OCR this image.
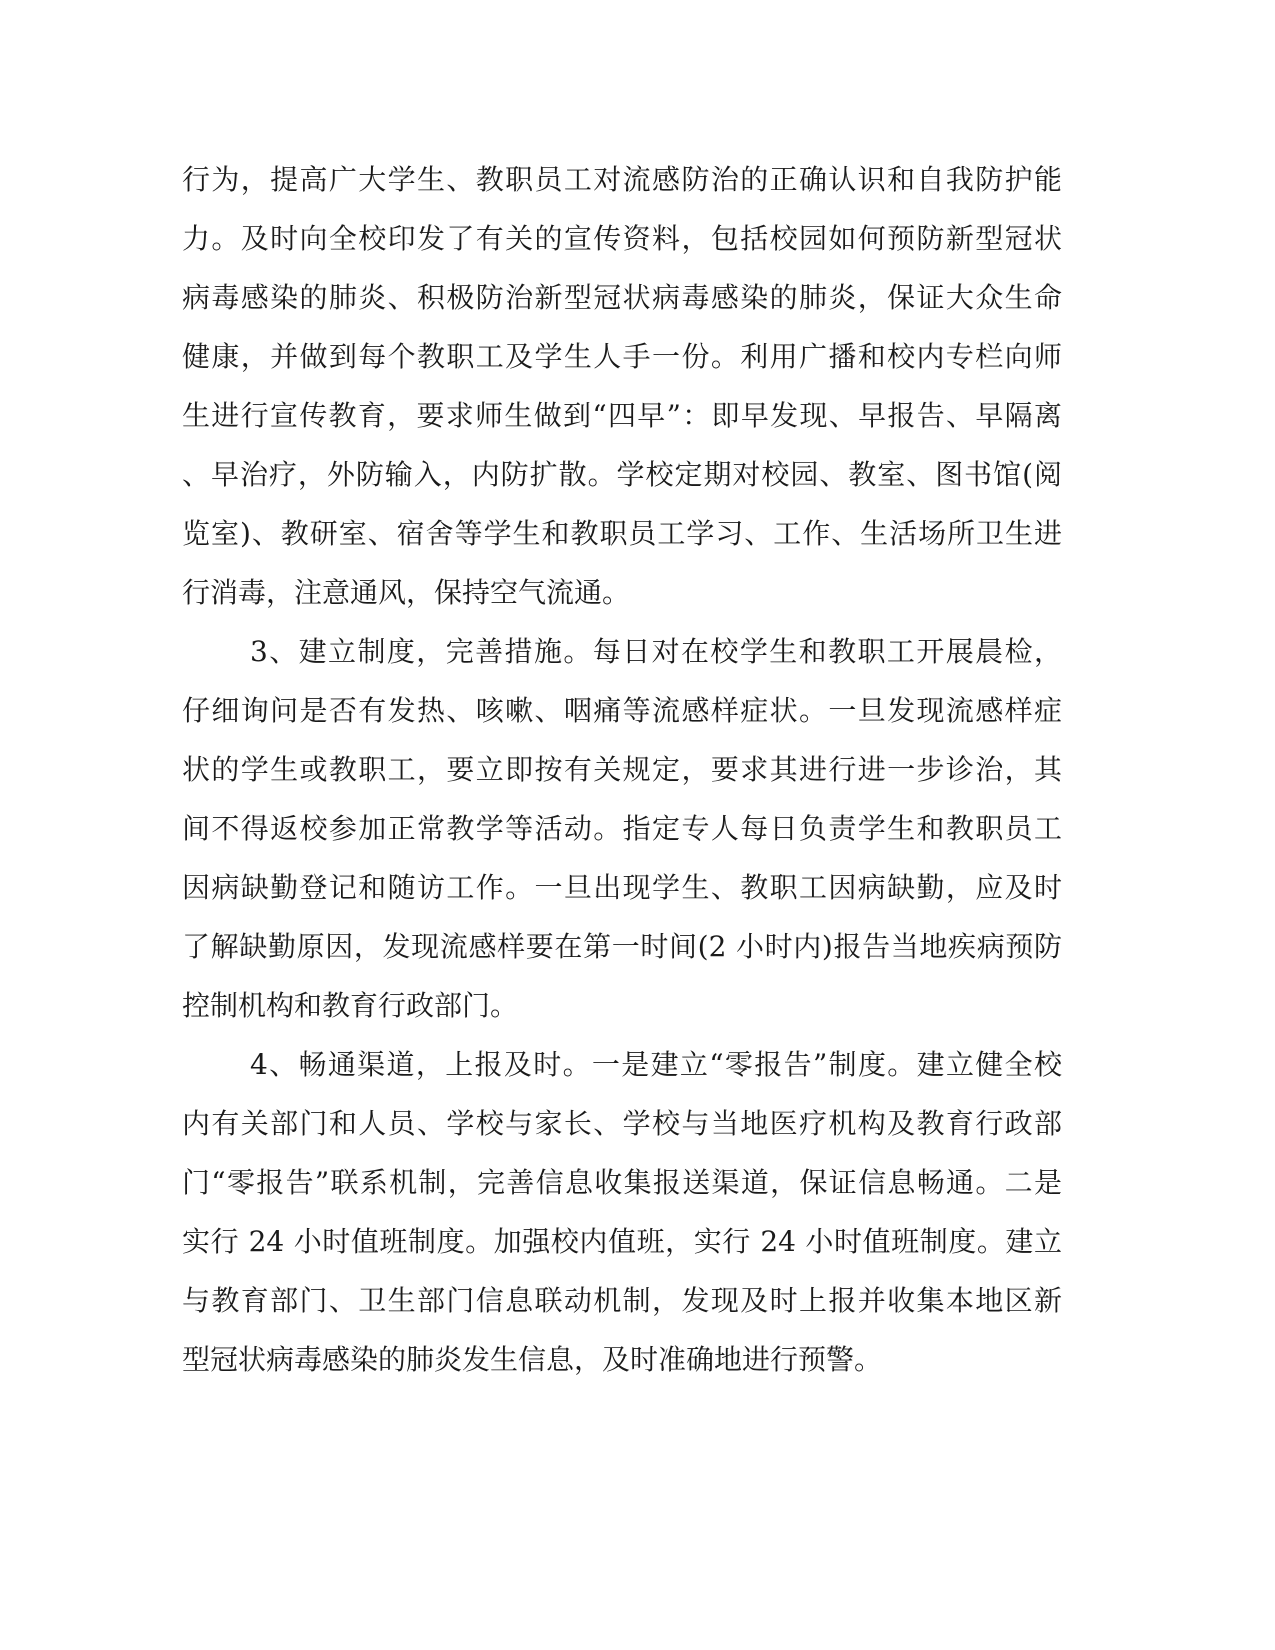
行为，提高广大学生、教职员工对流感防治的正确认识和自我防护能
力。及时向全校印发了有关的宣传资料，包括校园如何预防新型冠状
病毒感染的肺炎、积极防治新型冠状病毒感染的肺炎，保证大众生命
健康，并做到每个教职工及学生人手一份。利用广播和校内专栏向师
生进行宣传教育，要求师生做到“四早”：即早发现、早报告、早隔离
、早治疗，外防输入，内防扩散。学校定期对校园、教室、图书馆(阅
览室)、教研室、宿舍等学生和教职员工学习、工作、生活场所卫生进
行消毒，注意通风，保持空气流通。
3、建立制度，完善措施。每日对在校学生和教职工开展晨检，
仔细询问是否有发热、咳嗽、咽痛等流感样症状。一旦发现流感样症
状的学生或教职工，要立即按有关规定，要求其进行进一步诊治，其
间不得返校参加正常教学等活动。指定专人每日负责学生和教职员工
因病缺勤登记和随访工作。一旦出现学生、教职工因病缺勤，应及时
了解缺勤原因，发现流感样要在第一时间(2 小时内)报告当地疾病预防
控制机构和教育行政部门。
4、畅通渠道，上报及时。一是建立“零报告”制度。建立健全校
内有关部门和人员、学校与家长、学校与当地医疗机构及教育行政部
门“零报告”联系机制，完善信息收集报送渠道，保证信息畅通。二是
实行 24 小时值班制度。加强校内值班，实行 24 小时值班制度。建立
与教育部门、卫生部门信息联动机制，发现及时上报并收集本地区新
型冠状病毒感染的肺炎发生信息，及时准确地进行预警。
